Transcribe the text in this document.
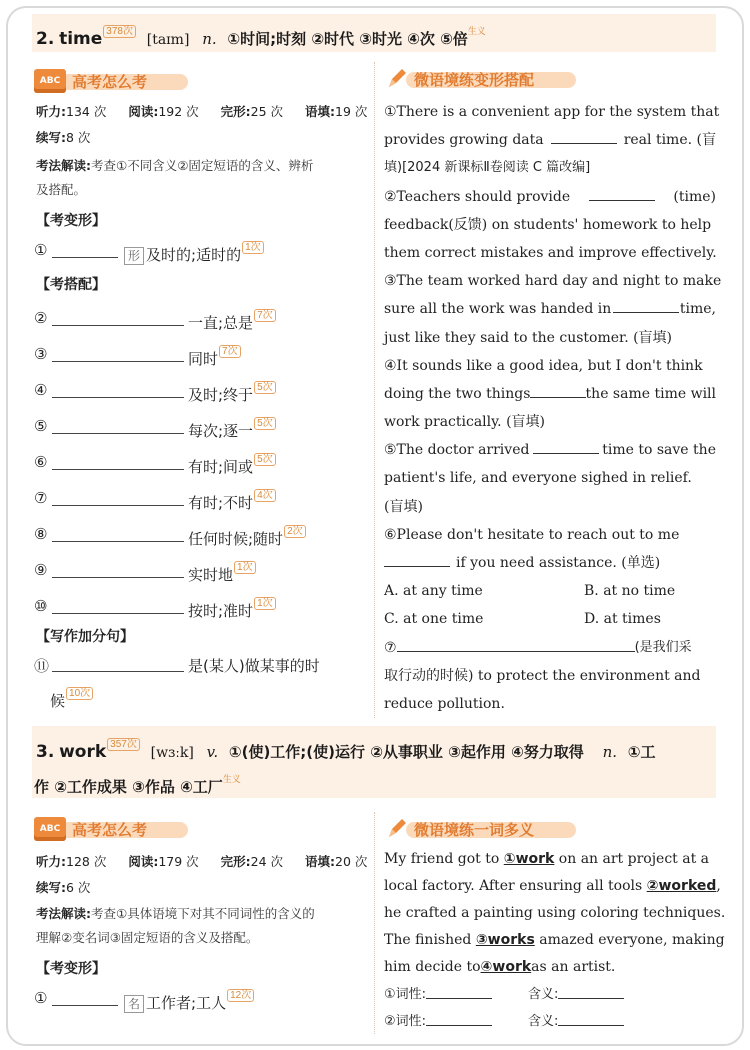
2. time 378次 [taɪm] n. ①时间;时刻 ②时代 ③时光 ④次 ⑤倍$^{生义}$
ABC 高考怎么考
听力:134 次 阅读:192 次 完形:25 次 语填:19 次
续写:8 次
考法解读:考查①不同含义②固定短语的含义、辨析
及搭配。
【考变形】
①	形 及时的;适时的 1次
【考搭配】
②	一直;总是 7次
③	同时 7次
④	及时;终于 5次
⑤	每次;逐一 5次
⑥	有时;间或 5次
⑦	有时;不时 4次
⑧	任何时候;随时 2次
⑨	实时地 1次
⑩	按时;准时 1次
【写作加分句】
⑪	是(某人)做某事的时
候 10次
微语境练变形搭配
①There is a convenient app for the system that
provides growing data	real time. (盲
填)[2024 新课标Ⅱ卷阅读 C 篇改编]
②Teachers should provide	(time)
feedback(反馈) on students' homework to help
them correct mistakes and improve effectively.
③The team worked hard day and night to make
sure all the work was handed in	time,
just like they said to the customer. (盲填)
④It sounds like a good idea, but I don't think
doing the two things	the same time will
work practically. (盲填)
⑤The doctor arrived	time to save the
patient's life, and everyone sighed in relief.
(盲填)
⑥Please don't hesitate to reach out to me
if you need assistance. (单选)
A. at any time	B. at no time
C. at one time	D. at times
⑦	(是我们采
取行动的时候) to protect the environment and
reduce pollution.
3. work 357次 [wɜːk] v. ①(使)工作;(使)运行 ②从事职业 ③起作用 ④努力取得 n. ①工
作 ②工作成果 ③作品 ④工厂$^{生义}$
ABC 高考怎么考
听力:128 次 阅读:179 次 完形:24 次 语填:20 次
续写:6 次
考法解读:考查①具体语境下对其不同词性的含义的
理解②变名词③固定短语的含义及搭配。
【考变形】
①	名 工作者;工人 12次
微语境练一词多义
My friend got to ①work on an art project at a
local factory. After ensuring all tools ②worked,
he crafted a painting using coloring techniques.
The finished ③works amazed everyone, making
him decide to ④work as an artist.
①词性:	含义:
②词性:	含义:
